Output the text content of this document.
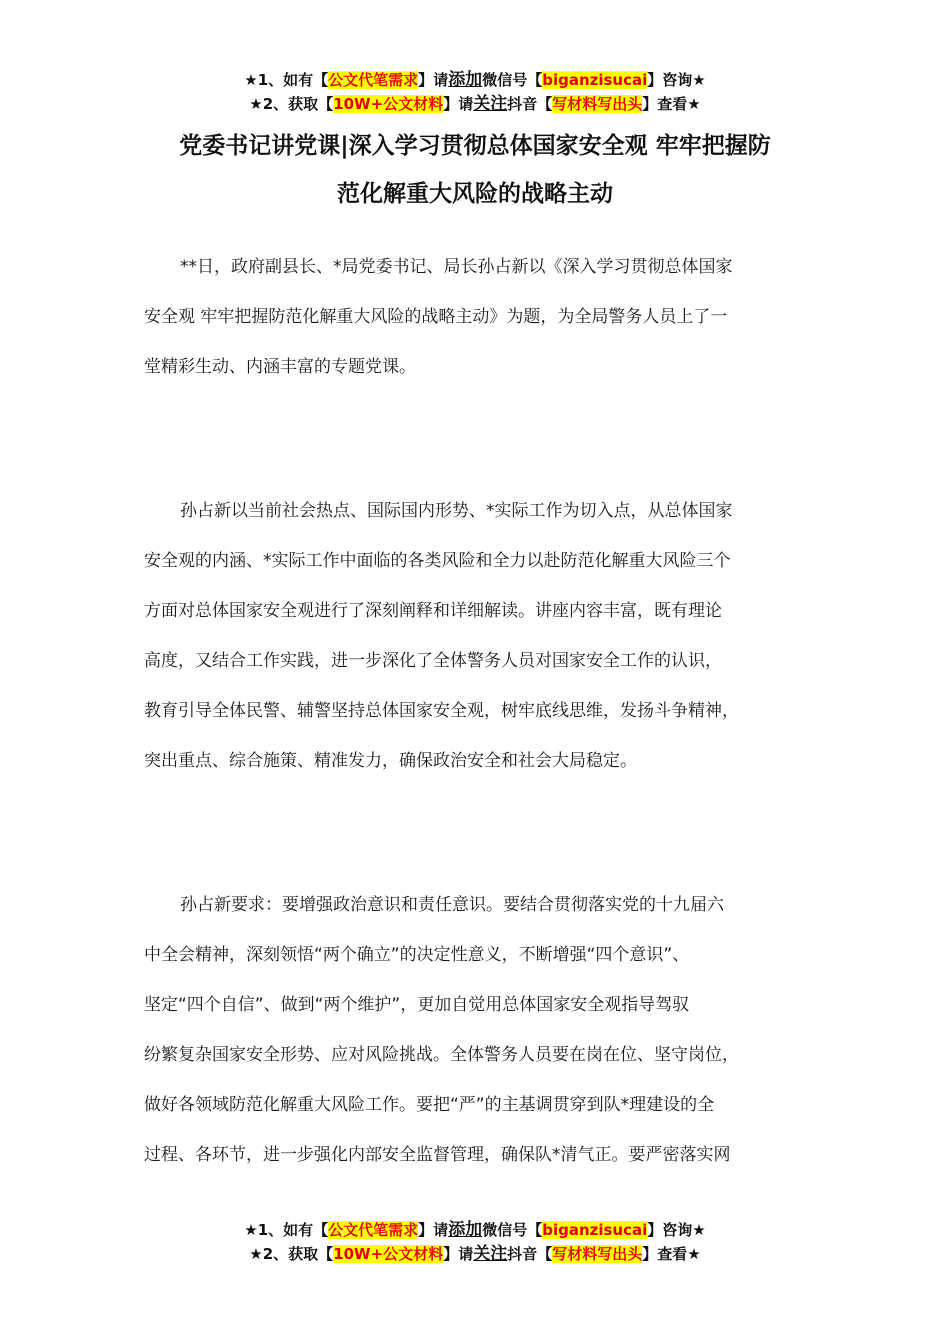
★1、如有【公文代笔需求】请添加微信号【biganzisucai】咨询★
★2、获取【10W+公文材料】请关注抖音【写材料写出头】查看★
党委书记讲党课|深入学习贯彻总体国家安全观 牢牢把握防
范化解重大风险的战略主动
**日，政府副县长、*局党委书记、局长孙占新以《深入学习贯彻总体国家
安全观 牢牢把握防范化解重大风险的战略主动》为题，为全局警务人员上了一
堂精彩生动、内涵丰富的专题党课。
孙占新以当前社会热点、国际国内形势、*实际工作为切入点，从总体国家
安全观的内涵、*实际工作中面临的各类风险和全力以赴防范化解重大风险三个
方面对总体国家安全观进行了深刻阐释和详细解读。讲座内容丰富，既有理论
高度，又结合工作实践，进一步深化了全体警务人员对国家安全工作的认识，
教育引导全体民警、辅警坚持总体国家安全观，树牢底线思维，发扬斗争精神，
突出重点、综合施策、精准发力，确保政治安全和社会大局稳定。
孙占新要求：要增强政治意识和责任意识。要结合贯彻落实党的十九届六
中全会精神，深刻领悟“两个确立”的决定性意义，不断增强“四个意识”、
坚定“四个自信”、做到“两个维护”，更加自觉用总体国家安全观指导驾驭
纷繁复杂国家安全形势、应对风险挑战。全体警务人员要在岗在位、坚守岗位，
做好各领域防范化解重大风险工作。要把“严”的主基调贯穿到队*理建设的全
过程、各环节，进一步强化内部安全监督管理，确保队*清气正。要严密落实网
★1、如有【公文代笔需求】请添加微信号【biganzisucai】咨询★
★2、获取【10W+公文材料】请关注抖音【写材料写出头】查看★
